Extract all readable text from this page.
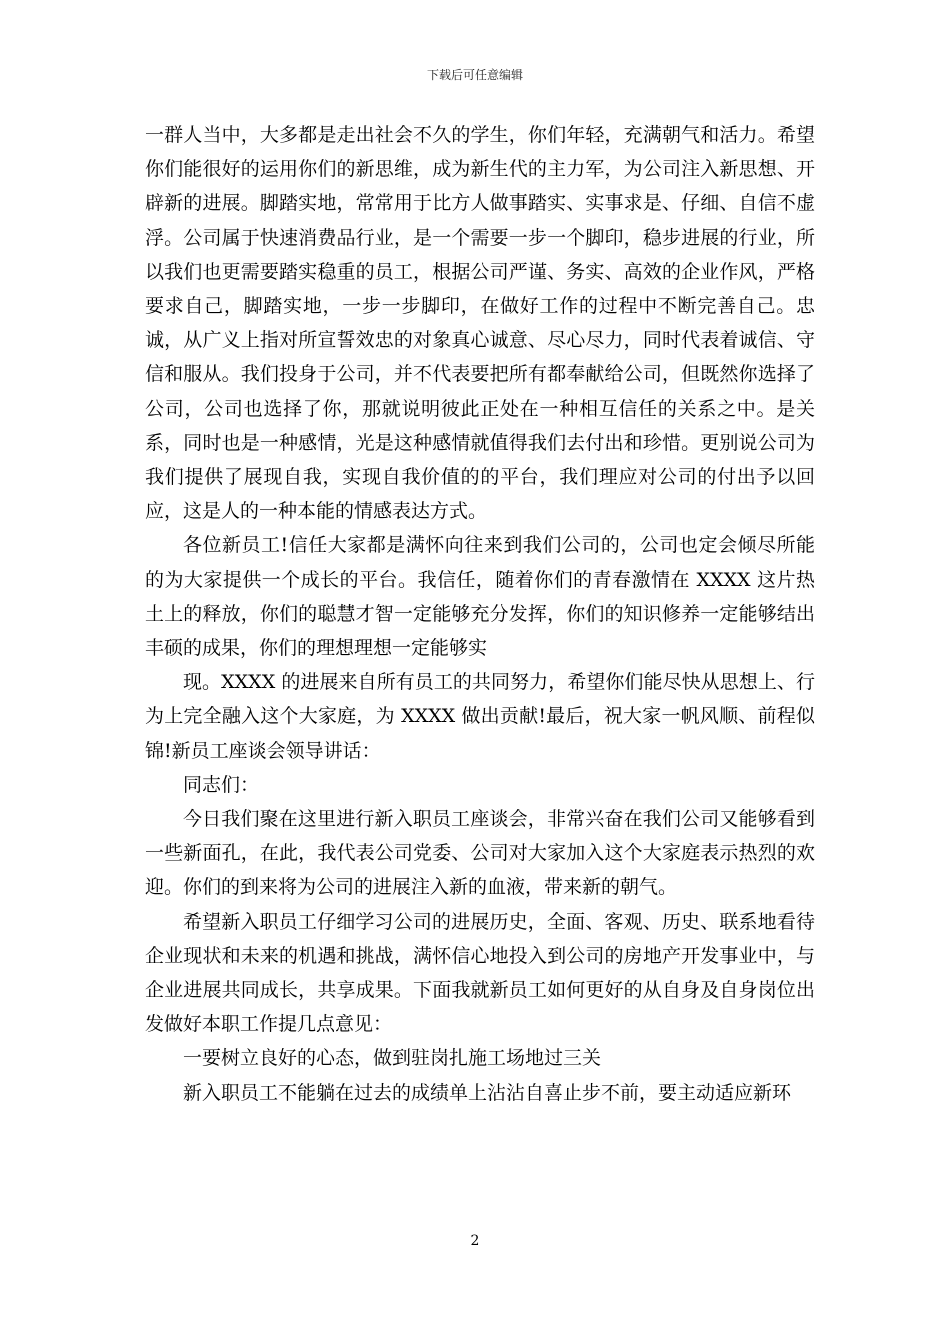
下载后可任意编辑

一群人当中，大多都是走出社会不久的学生，你们年轻，充满朝气和活力。希望你们能很好的运用你们的新思维，成为新生代的主力军，为公司注入新思想、开辟新的进展。脚踏实地，常常用于比方人做事踏实、实事求是、仔细、自信不虚浮。公司属于快速消费品行业，是一个需要一步一个脚印，稳步进展的行业，所以我们也更需要踏实稳重的员工，根据公司严谨、务实、高效的企业作风，严格要求自己，脚踏实地，一步一步脚印，在做好工作的过程中不断完善自己。忠诚，从广义上指对所宣誓效忠的对象真心诚意、尽心尽力，同时代表着诚信、守信和服从。我们投身于公司，并不代表要把所有都奉献给公司，但既然你选择了公司，公司也选择了你，那就说明彼此正处在一种相互信任的关系之中。是关系，同时也是一种感情，光是这种感情就值得我们去付出和珍惜。更别说公司为我们提供了展现自我，实现自我价值的的平台，我们理应对公司的付出予以回应，这是人的一种本能的情感表达方式。

各位新员工!信任大家都是满怀向往来到我们公司的，公司也定会倾尽所能的为大家提供一个成长的平台。我信任，随着你们的青春激情在 XXXX 这片热土上的释放，你们的聪慧才智一定能够充分发挥，你们的知识修养一定能够结出丰硕的成果，你们的理想理想一定能够实

现。XXXX 的进展来自所有员工的共同努力，希望你们能尽快从思想上、行为上完全融入这个大家庭，为 XXXX 做出贡献!最后，祝大家一帆风顺、前程似锦!新员工座谈会领导讲话：

同志们：

今日我们聚在这里进行新入职员工座谈会，非常兴奋在我们公司又能够看到一些新面孔，在此，我代表公司党委、公司对大家加入这个大家庭表示热烈的欢迎。你们的到来将为公司的进展注入新的血液，带来新的朝气。

希望新入职员工仔细学习公司的进展历史，全面、客观、历史、联系地看待企业现状和未来的机遇和挑战，满怀信心地投入到公司的房地产开发事业中，与企业进展共同成长，共享成果。下面我就新员工如何更好的从自身及自身岗位出发做好本职工作提几点意见：

一要树立良好的心态，做到驻岗扎施工场地过三关

新入职员工不能躺在过去的成绩单上沾沾自喜止步不前，要主动适应新环

2
